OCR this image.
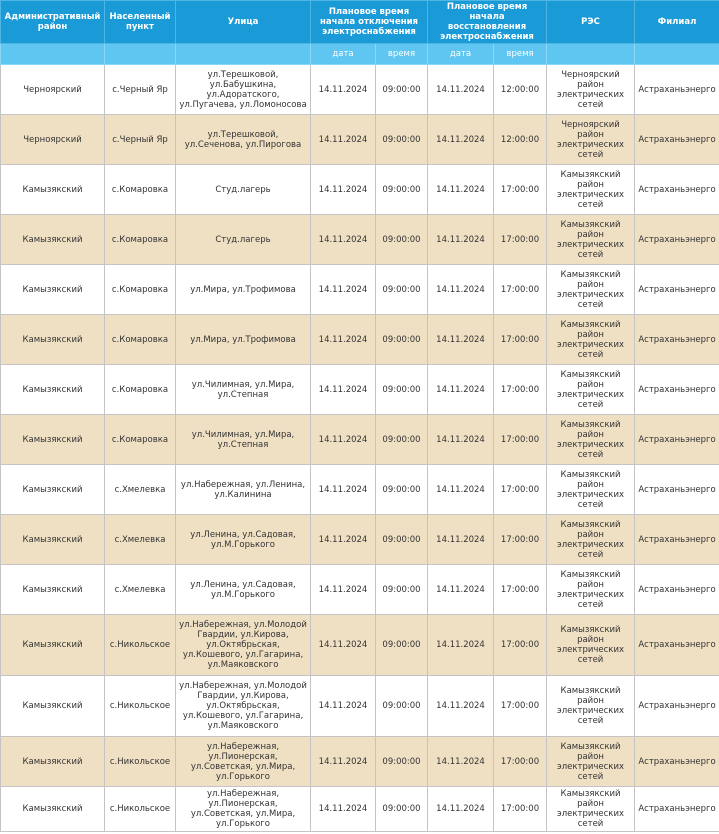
Административный район	Населенный пункт	Улица	Плановое время начала отключения электроснабжения		Плановое время начала восстановления электроснабжения		РЭС	Филиал
			дата	время	дата	время		
Черноярский	с.Черный Яр	ул.Терешковой, ул.Бабушкина, ул.Адоратского, ул.Пугачева, ул.Ломоносова	14.11.2024	09:00:00	14.11.2024	12:00:00	Черноярский район электрических сетей	Астраханьэнерго
Черноярский	с.Черный Яр	ул.Терешковой, ул.Сеченова, ул.Пирогова	14.11.2024	09:00:00	14.11.2024	12:00:00	Черноярский район электрических сетей	Астраханьэнерго
Камызякский	с.Комаровка	Студ.лагерь	14.11.2024	09:00:00	14.11.2024	17:00:00	Камызякский район электрических сетей	Астраханьэнерго
Камызякский	с.Комаровка	Студ.лагерь	14.11.2024	09:00:00	14.11.2024	17:00:00	Камызякский район электрических сетей	Астраханьэнерго
Камызякский	с.Комаровка	ул.Мира, ул.Трофимова	14.11.2024	09:00:00	14.11.2024	17:00:00	Камызякский район электрических сетей	Астраханьэнерго
Камызякский	с.Комаровка	ул.Мира, ул.Трофимова	14.11.2024	09:00:00	14.11.2024	17:00:00	Камызякский район электрических сетей	Астраханьэнерго
Камызякский	с.Комаровка	ул.Чилимная, ул.Мира, ул.Степная	14.11.2024	09:00:00	14.11.2024	17:00:00	Камызякский район электрических сетей	Астраханьэнерго
Камызякский	с.Комаровка	ул.Чилимная, ул.Мира, ул.Степная	14.11.2024	09:00:00	14.11.2024	17:00:00	Камызякский район электрических сетей	Астраханьэнерго
Камызякский	с.Хмелевка	ул.Набережная, ул.Ленина, ул.Калинина	14.11.2024	09:00:00	14.11.2024	17:00:00	Камызякский район электрических сетей	Астраханьэнерго
Камызякский	с.Хмелевка	ул.Ленина, ул.Садовая, ул.М.Горького	14.11.2024	09:00:00	14.11.2024	17:00:00	Камызякский район электрических сетей	Астраханьэнерго
Камызякский	с.Хмелевка	ул.Ленина, ул.Садовая, ул.М.Горького	14.11.2024	09:00:00	14.11.2024	17:00:00	Камызякский район электрических сетей	Астраханьэнерго
Камызякский	с.Никольское	ул.Набережная, ул.Молодой Гвардии, ул.Кирова, ул.Октябрьская, ул.Кошевого, ул.Гагарина, ул.Маяковского	14.11.2024	09:00:00	14.11.2024	17:00:00	Камызякский район электрических сетей	Астраханьэнерго
Камызякский	с.Никольское	ул.Набережная, ул.Молодой Гвардии, ул.Кирова, ул.Октябрьская, ул.Кошевого, ул.Гагарина, ул.Маяковского	14.11.2024	09:00:00	14.11.2024	17:00:00	Камызякский район электрических сетей	Астраханьэнерго
Камызякский	с.Никольское	ул.Набережная, ул.Пионерская, ул.Советская, ул.Мира, ул.Горького	14.11.2024	09:00:00	14.11.2024	17:00:00	Камызякский район электрических сетей	Астраханьэнерго
Камызякский	с.Никольское	ул.Набережная, ул.Пионерская, ул.Советская, ул.Мира, ул.Горького	14.11.2024	09:00:00	14.11.2024	17:00:00	Камызякский район электрических сетей	Астраханьэнерго
